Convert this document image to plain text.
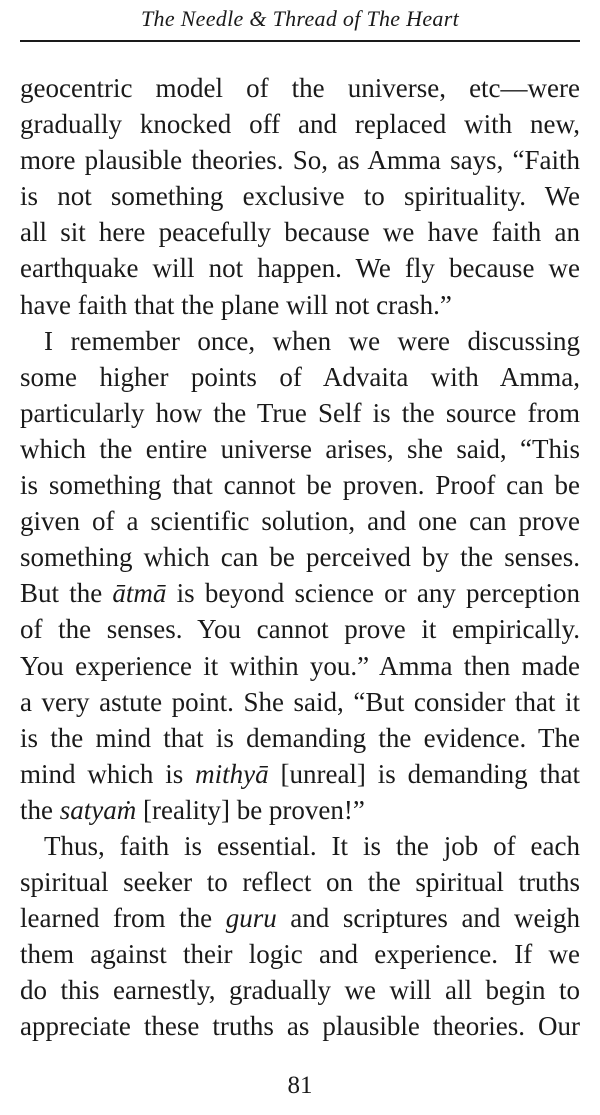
The Needle & Thread of The Heart
geocentric model of the universe, etc—were
gradually knocked off and replaced with new,
more plausible theories. So, as Amma says, “Faith
is not something exclusive to spirituality. We
all sit here peacefully because we have faith an
earthquake will not happen. We fly because we
have faith that the plane will not crash.”
I remember once, when we were discussing
some higher points of Advaita with Amma,
particularly how the True Self is the source from
which the entire universe arises, she said, “This
is something that cannot be proven. Proof can be
given of a scientific solution, and one can prove
something which can be perceived by the senses.
But the ātmā is beyond science or any perception
of the senses. You cannot prove it empirically.
You experience it within you.” Amma then made
a very astute point. She said, “But consider that it
is the mind that is demanding the evidence. The
mind which is mithyā [unreal] is demanding that
the satyaṁ [reality] be proven!”
Thus, faith is essential. It is the job of each
spiritual seeker to reflect on the spiritual truths
learned from the guru and scriptures and weigh
them against their logic and experience. If we
do this earnestly, gradually we will all begin to
appreciate these truths as plausible theories. Our
81
